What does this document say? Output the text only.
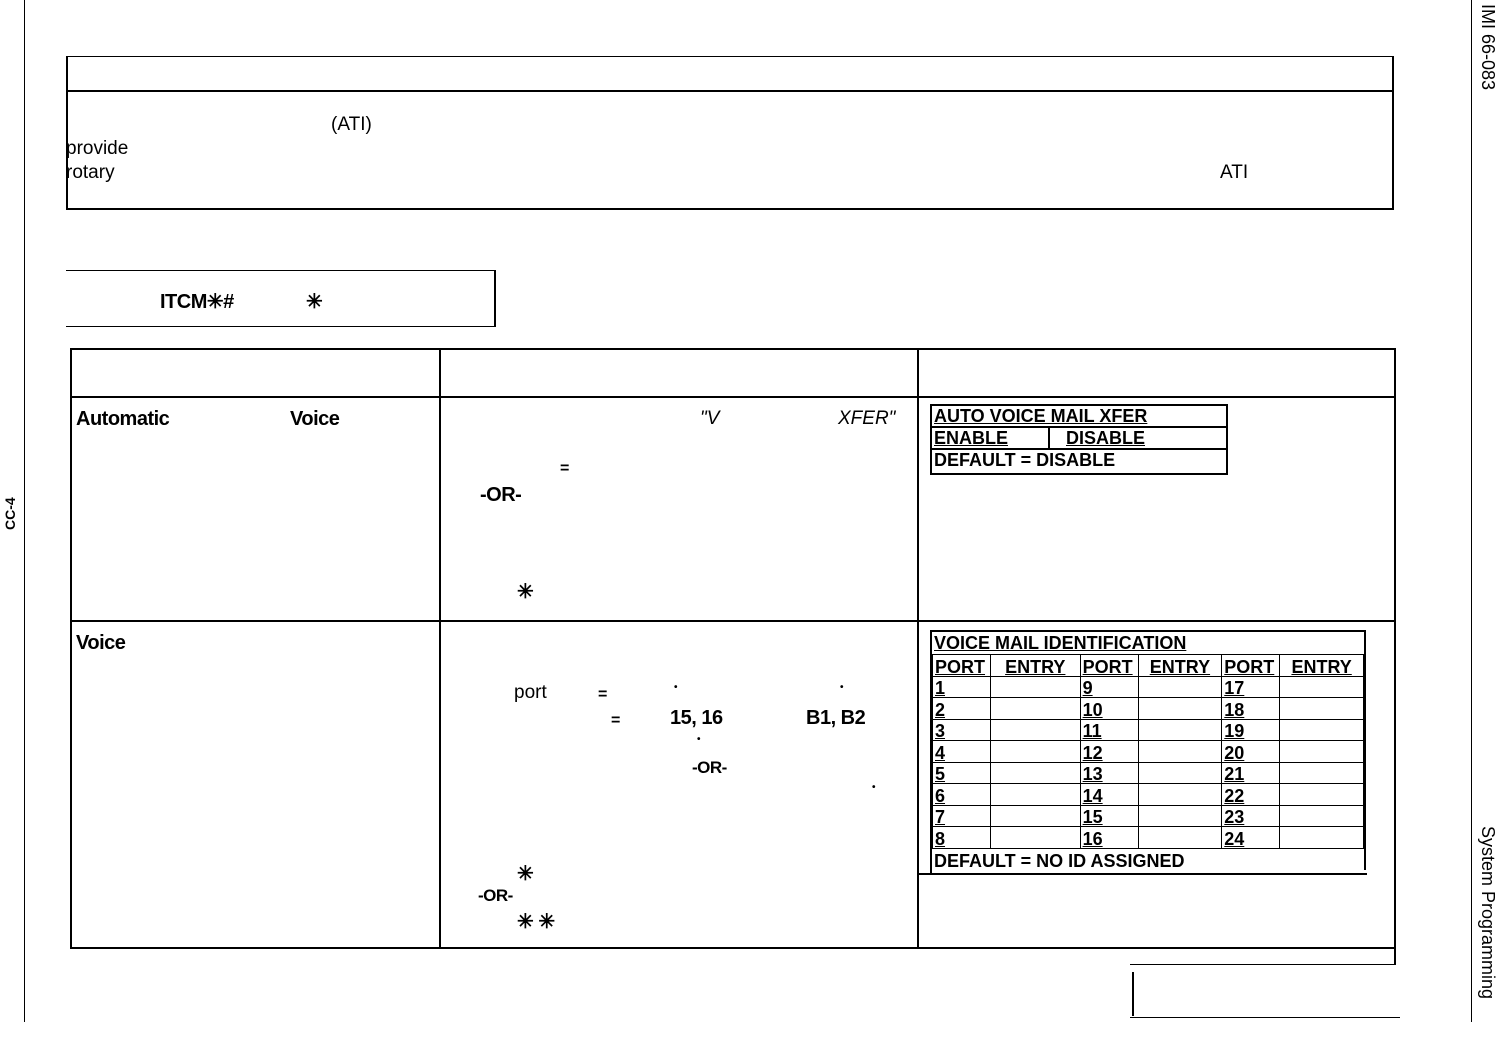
IMI 66-083
System Programming
CC-4
(ATI)
provide
rotary	ATI
ITCM✳#	✳
Automatic	Voice	"V	XFER"
=
-OR-
✳
AUTO VOICE MAIL XFER
ENABLE	DISABLE
DEFAULT = DISABLE
Voice
port	=	•	•
=	15, 16	B1, B2
•
-OR-
•
✳
-OR-
✳ ✳
VOICE MAIL IDENTIFICATION
PORT	ENTRY	PORT	ENTRY	PORT	ENTRY
1		9		17	
2		10		18	
3		11		19	
4		12		20	
5		13		21	
6		14		22	
7		15		23	
8		16		24	
DEFAULT = NO ID ASSIGNED
